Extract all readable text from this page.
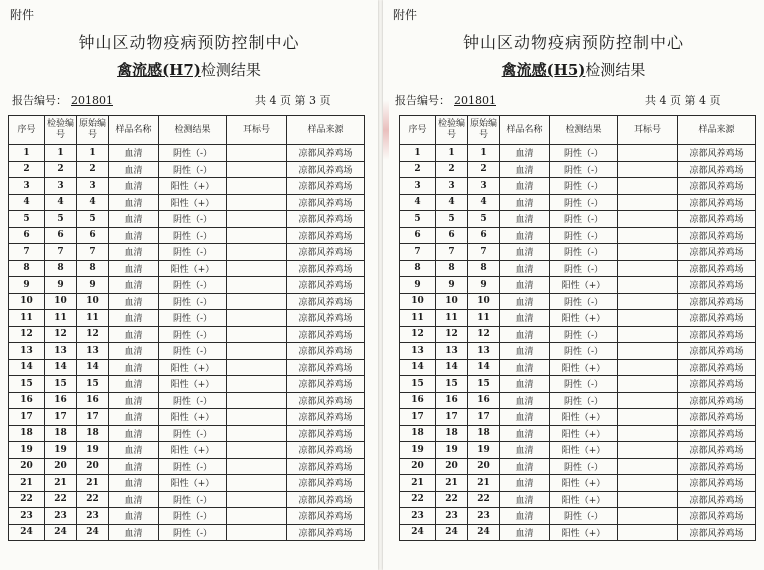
附件
钟山区动物疫病预防控制中心
禽流感(H7)检测结果
报告编号： 201801	共 4 页 第 3 页
序号	检验编号	原始编号	样品名称	检测结果	耳标号	样品来源
1	1	1	血清	阴性（-）		凉都风养鸡场
2	2	2	血清	阴性（-）		凉都风养鸡场
3	3	3	血清	阳性（+）		凉都风养鸡场
4	4	4	血清	阳性（+）		凉都风养鸡场
5	5	5	血清	阴性（-）		凉都风养鸡场
6	6	6	血清	阴性（-）		凉都风养鸡场
7	7	7	血清	阴性（-）		凉都风养鸡场
8	8	8	血清	阳性（+）		凉都风养鸡场
9	9	9	血清	阴性（-）		凉都风养鸡场
10	10	10	血清	阴性（-）		凉都风养鸡场
11	11	11	血清	阴性（-）		凉都风养鸡场
12	12	12	血清	阴性（-）		凉都风养鸡场
13	13	13	血清	阴性（-）		凉都风养鸡场
14	14	14	血清	阳性（+）		凉都风养鸡场
15	15	15	血清	阳性（+）		凉都风养鸡场
16	16	16	血清	阴性（-）		凉都风养鸡场
17	17	17	血清	阳性（+）		凉都风养鸡场
18	18	18	血清	阴性（-）		凉都风养鸡场
19	19	19	血清	阳性（+）		凉都风养鸡场
20	20	20	血清	阴性（-）		凉都风养鸡场
21	21	21	血清	阳性（+）		凉都风养鸡场
22	22	22	血清	阴性（-）		凉都风养鸡场
23	23	23	血清	阴性（-）		凉都风养鸡场
24	24	24	血清	阴性（-）		凉都风养鸡场
附件
钟山区动物疫病预防控制中心
禽流感(H5)检测结果
报告编号： 201801	共 4 页 第 4 页
序号	检验编号	原始编号	样品名称	检测结果	耳标号	样品来源
1	1	1	血清	阴性（-）		凉都风养鸡场
2	2	2	血清	阴性（-）		凉都风养鸡场
3	3	3	血清	阴性（-）		凉都风养鸡场
4	4	4	血清	阴性（-）		凉都风养鸡场
5	5	5	血清	阴性（-）		凉都风养鸡场
6	6	6	血清	阴性（-）		凉都风养鸡场
7	7	7	血清	阴性（-）		凉都风养鸡场
8	8	8	血清	阴性（-）		凉都风养鸡场
9	9	9	血清	阳性（+）		凉都风养鸡场
10	10	10	血清	阴性（-）		凉都风养鸡场
11	11	11	血清	阳性（+）		凉都风养鸡场
12	12	12	血清	阴性（-）		凉都风养鸡场
13	13	13	血清	阴性（-）		凉都风养鸡场
14	14	14	血清	阳性（+）		凉都风养鸡场
15	15	15	血清	阴性（-）		凉都风养鸡场
16	16	16	血清	阴性（-）		凉都风养鸡场
17	17	17	血清	阳性（+）		凉都风养鸡场
18	18	18	血清	阳性（+）		凉都风养鸡场
19	19	19	血清	阳性（+）		凉都风养鸡场
20	20	20	血清	阴性（-）		凉都风养鸡场
21	21	21	血清	阳性（+）		凉都风养鸡场
22	22	22	血清	阳性（+）		凉都风养鸡场
23	23	23	血清	阴性（-）		凉都风养鸡场
24	24	24	血清	阳性（+）		凉都风养鸡场
